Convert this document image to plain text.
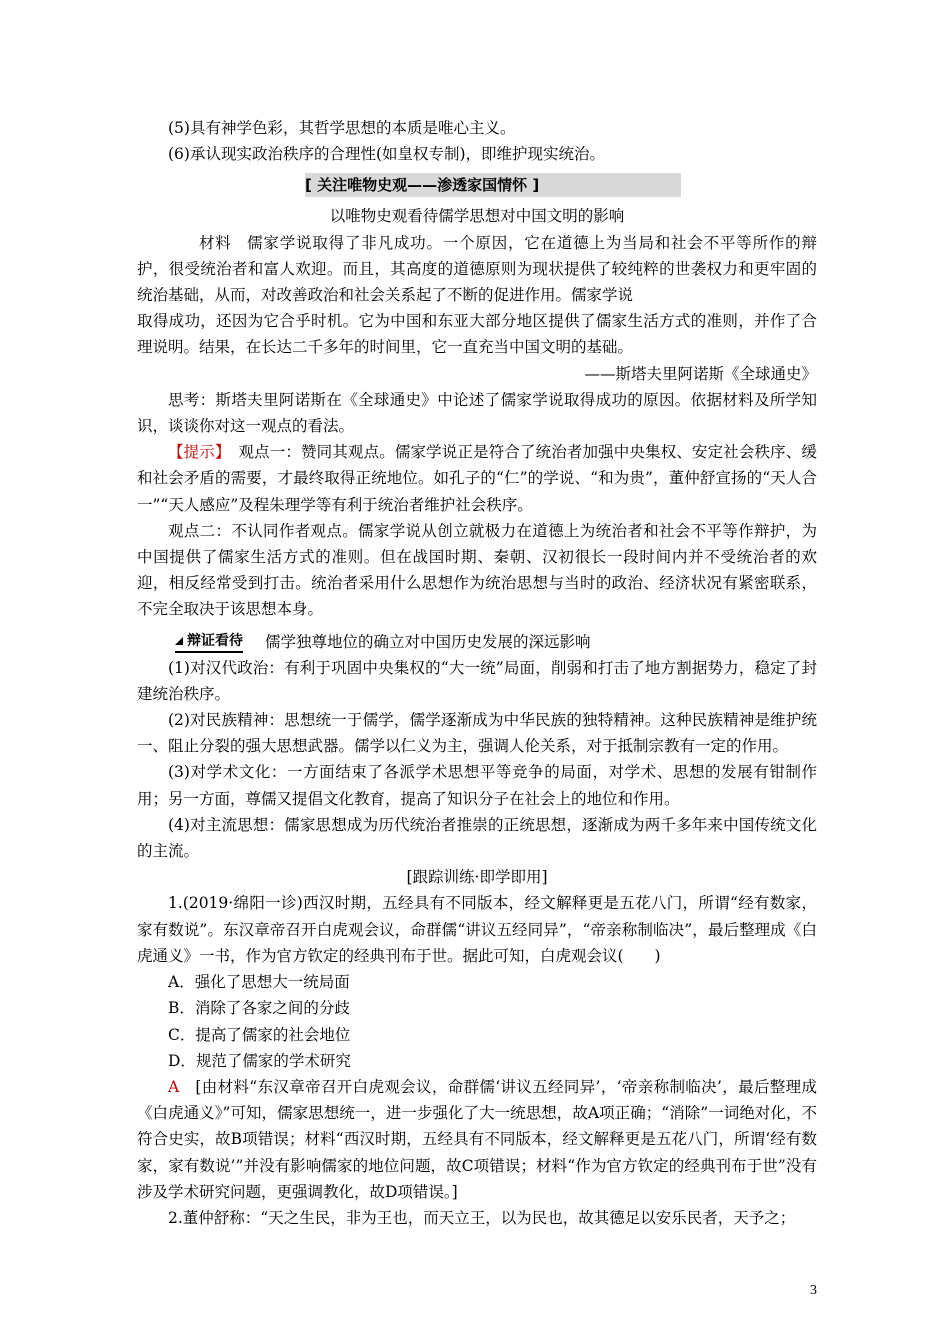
(5)具有神学色彩，其哲学思想的本质是唯心主义。

(6)承认现实政治秩序的合理性(如皇权专制)，即维护现实统治。

[ 关注唯物史观——渗透家国情怀 ]

以唯物史观看待儒学思想对中国文明的影响

材料 儒家学说取得了非凡成功。一个原因，它在道德上为当局和社会不平等所作的辩护，很受统治者和富人欢迎。而且，其高度的道德原则为现状提供了较纯粹的世袭权力和更牢固的统治基础，从而，对改善政治和社会关系起了不断的促进作用。儒家学说

取得成功，还因为它合乎时机。它为中国和东亚大部分地区提供了儒家生活方式的准则，并作了合理说明。结果，在长达二千多年的时间里，它一直充当中国文明的基础。

——斯塔夫里阿诺斯《全球通史》

思考：斯塔夫里阿诺斯在《全球通史》中论述了儒家学说取得成功的原因。依据材料及所学知识，谈谈你对这一观点的看法。

【提示】　 观点一：赞同其观点。儒家学说正是符合了统治者加强中央集权、安定社会秩序、缓和社会矛盾的需要，才最终取得正统地位。如孔子的“仁”的学说、“和为贵”，董仲舒宣扬的“天人合一”“天人感应”及程朱理学等有利于统治者维护社会秩序。

观点二：不认同作者观点。儒家学说从创立就极力在道德上为统治者和社会不平等作辩护，为中国提供了儒家生活方式的准则。但在战国时期、秦朝、汉初很长一段时间内并不受统治者的欢迎，相反经常受到打击。统治者采用什么思想作为统治思想与当时的政治、经济状况有紧密联系，不完全取决于该思想本身。

辩证看待 儒学独尊地位的确立对中国历史发展的深远影响

(1)对汉代政治：有利于巩固中央集权的“大一统”局面，削弱和打击了地方割据势力，稳定了封建统治秩序。

(2)对民族精神：思想统一于儒学，儒学逐渐成为中华民族的独特精神。这种民族精神是维护统一、阻止分裂的强大思想武器。儒学以仁义为主，强调人伦关系，对于抵制宗教有一定的作用。

(3)对学术文化：一方面结束了各派学术思想平等竞争的局面，对学术、思想的发展有钳制作用；另一方面，尊儒又提倡文化教育，提高了知识分子在社会上的地位和作用。

(4)对主流思想：儒家思想成为历代统治者推崇的正统思想，逐渐成为两千多年来中国传统文化的主流。

[跟踪训练·即学即用]

1.(2019·绵阳一诊)西汉时期，五经具有不同版本，经文解释更是五花八门，所谓“经有数家，家有数说”。东汉章帝召开白虎观会议，命群儒“讲议五经同异”，“帝亲称制临决”，最后整理成《白虎通义》一书，作为官方钦定的经典刊布于世。据此可知，白虎观会议(　　)

A．强化了思想大一统局面

B．消除了各家之间的分歧

C．提高了儒家的社会地位

D．规范了儒家的学术研究

A　 [由材料“东汉章帝召开白虎观会议，命群儒‘讲议五经同异’，‘帝亲称制临决’，最后整理成《白虎通义》”可知，儒家思想统一，进一步强化了大一统思想，故A项正确；“消除”一词绝对化，不符合史实，故B项错误；材料“西汉时期，五经具有不同版本，经文解释更是五花八门，所谓‘经有数家，家有数说’”并没有影响儒家的地位问题，故C项错误；材料“作为官方钦定的经典刊布于世”没有涉及学术研究问题，更强调教化，故D项错误。]

2.董仲舒称：“天之生民，非为王也，而天立王，以为民也，故其德足以安乐民者，天予之；

3
